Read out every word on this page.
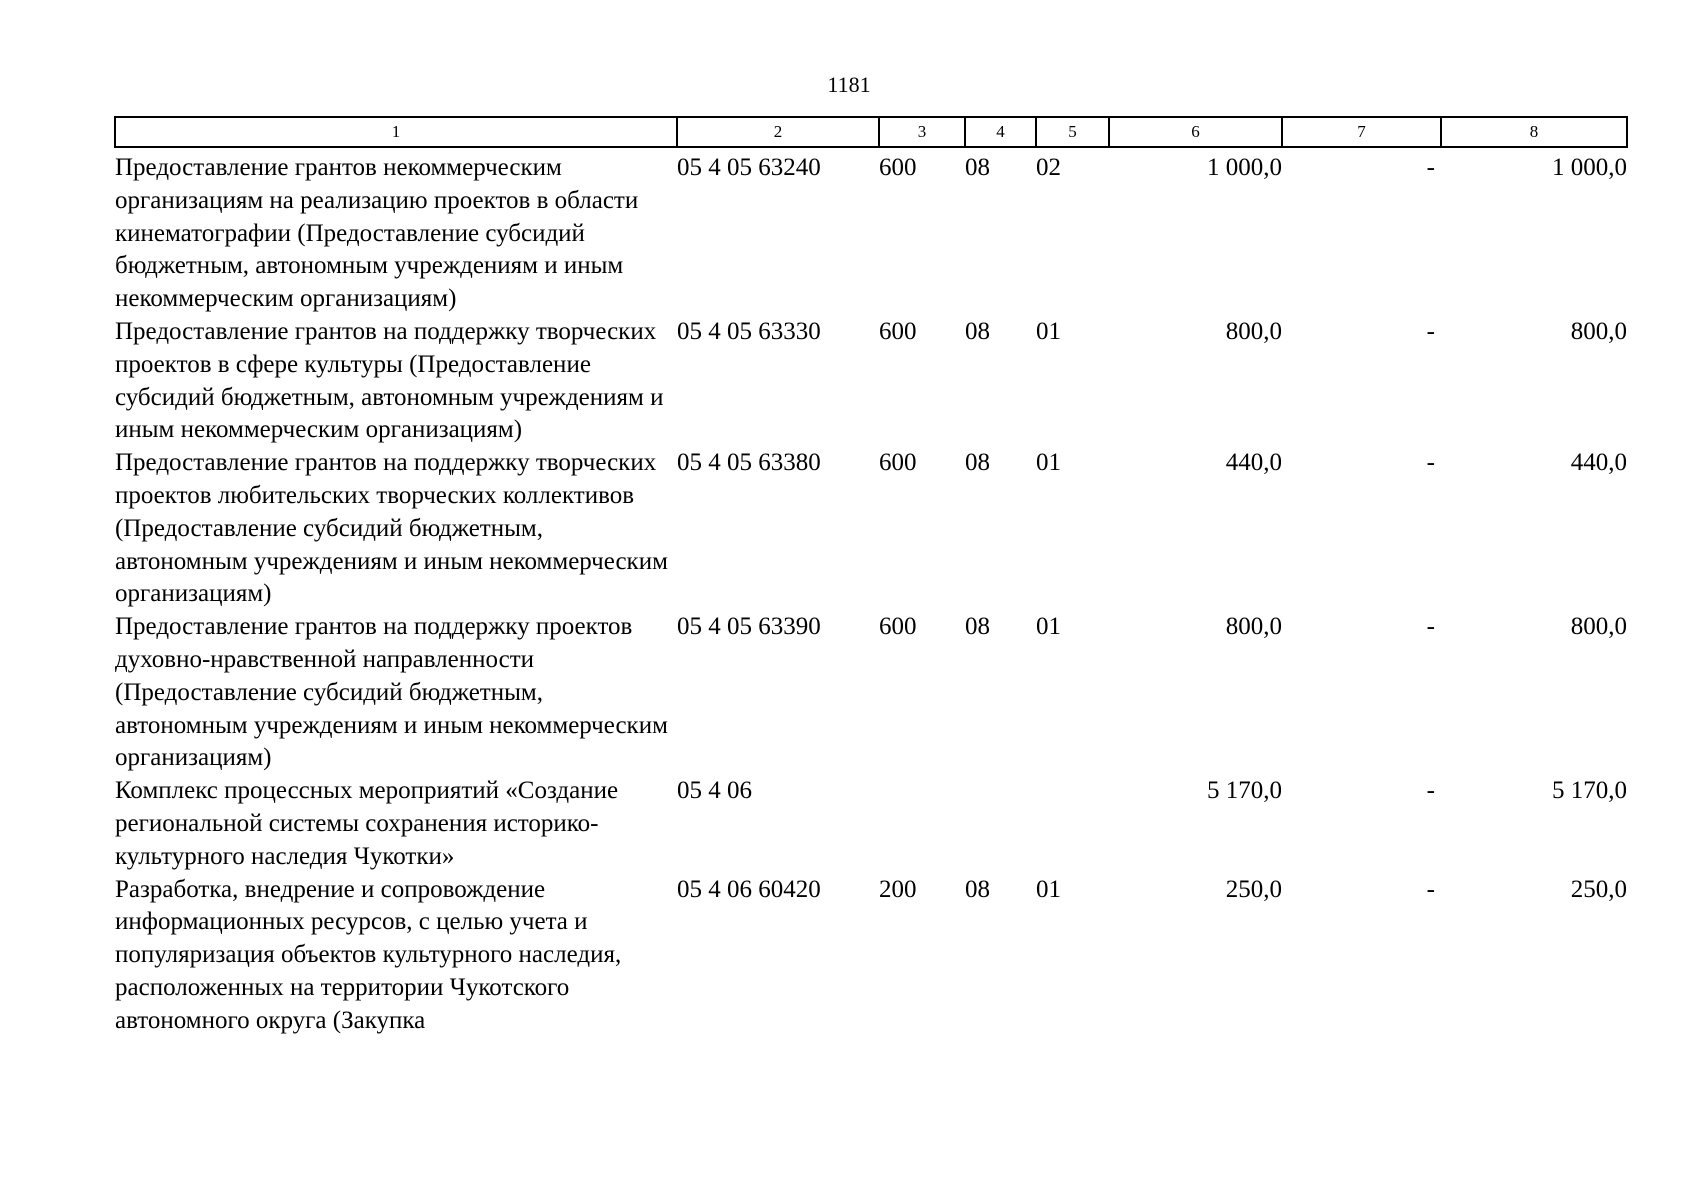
1181
1	2	3	4	5	6	7	8
Предоставление грантов некоммерческим организациям на реализацию проектов в области кинематографии (Предоставление субсидий бюджетным, автономным учреждениям и иным некоммерческим организациям)	05 4 05 63240	600	08	02	1 000,0	-	1 000,0
Предоставление грантов на поддержку творческих проектов в сфере культуры (Предоставление субсидий бюджетным, автономным учреждениям и иным некоммерческим организациям)	05 4 05 63330	600	08	01	800,0	-	800,0
Предоставление грантов на поддержку творческих проектов любительских творческих коллективов (Предоставление субсидий бюджетным, автономным учреждениям и иным некоммерческим организациям)	05 4 05 63380	600	08	01	440,0	-	440,0
Предоставление грантов на поддержку проектов духовно-нравственной направленности (Предоставление субсидий бюджетным, автономным учреждениям и иным некоммерческим организациям)	05 4 05 63390	600	08	01	800,0	-	800,0
Комплекс процессных мероприятий «Создание региональной системы сохранения историко-культурного наследия Чукотки»	05 4 06				5 170,0	-	5 170,0
Разработка, внедрение и сопровождение информационных ресурсов, с целью учета и популяризация объектов культурного наследия, расположенных на территории Чукотского автономного округа (Закупка	05 4 06 60420	200	08	01	250,0	-	250,0
